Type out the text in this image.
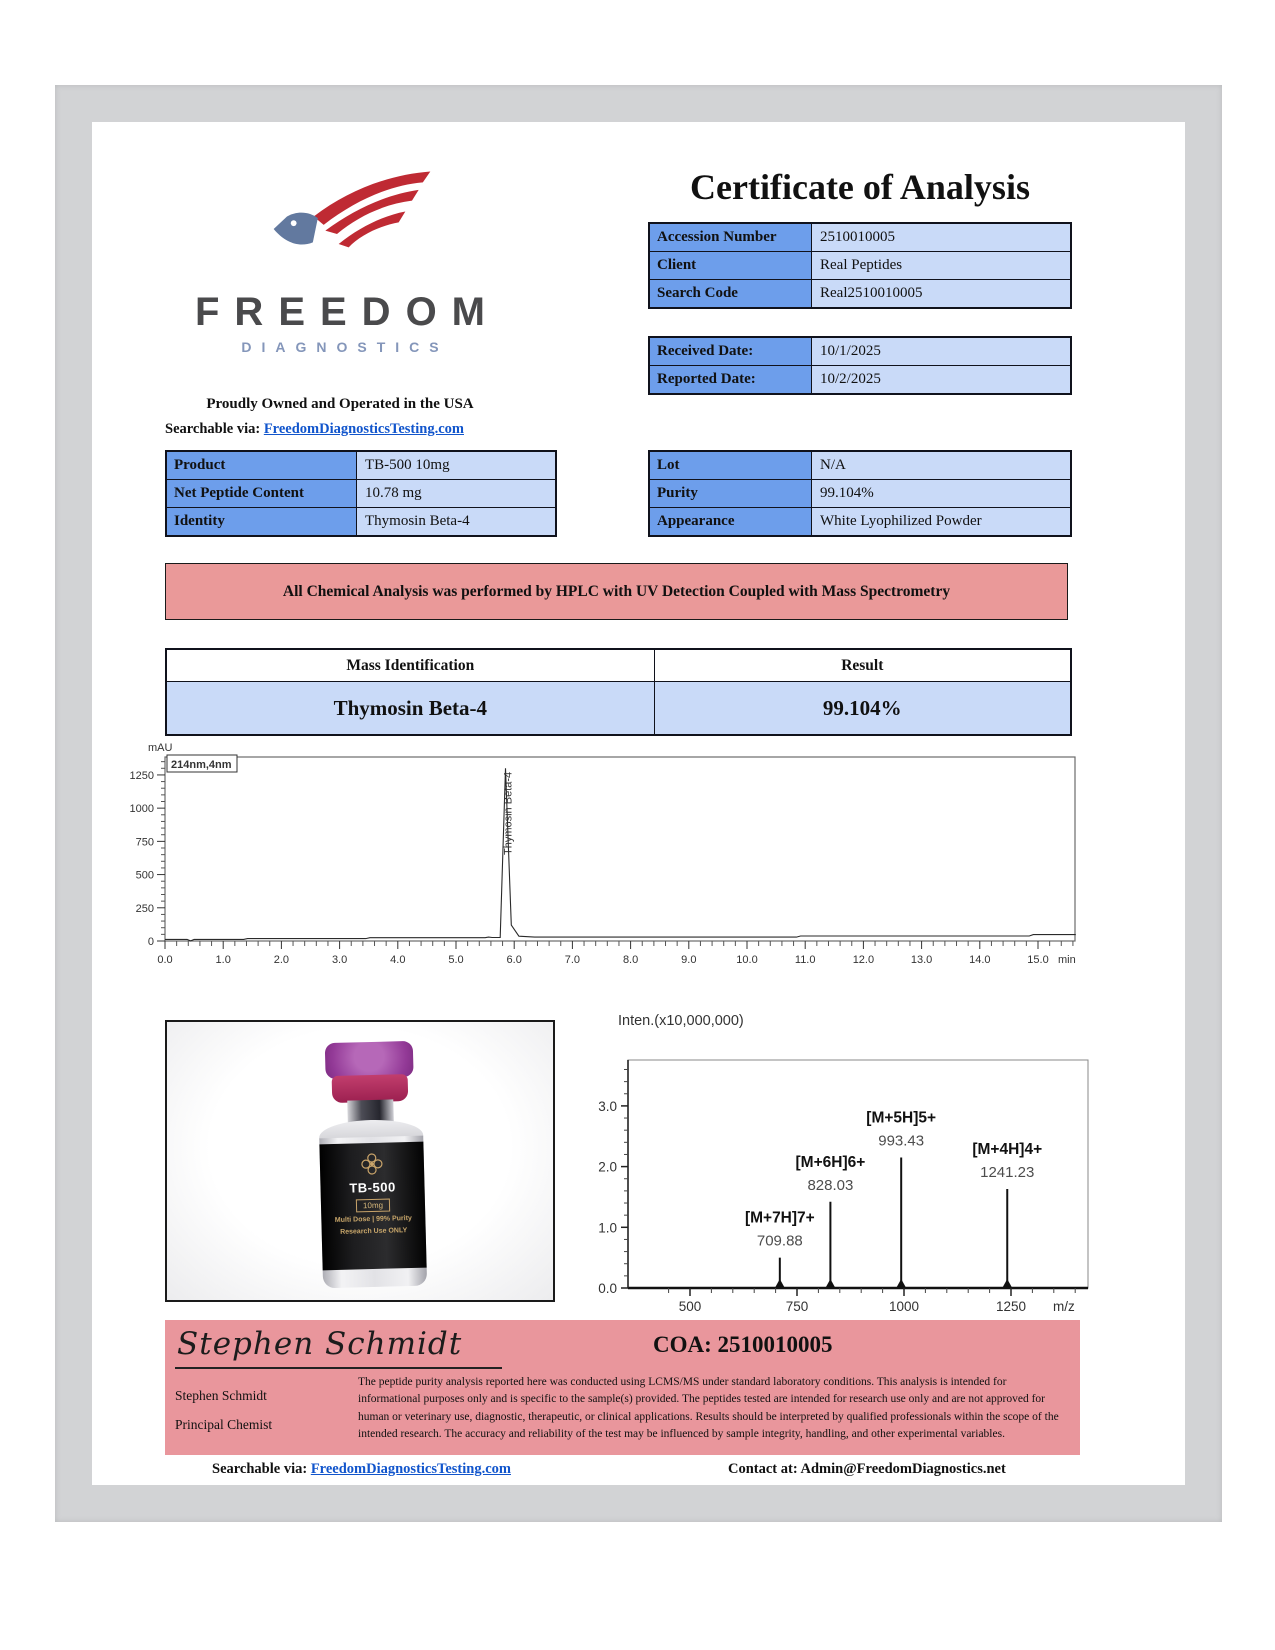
FREEDOM
DIAGNOSTICS
Proudly Owned and Operated in the USA
Searchable via: FreedomDiagnosticsTesting.com
Certificate of Analysis
Accession Number	2510010005
Client	Real Peptides
Search Code	Real2510010005
Received Date:	10/1/2025
Reported Date:	10/2/2025
Product	TB-500 10mg
Net Peptide Content	10.78 mg
Identity	Thymosin Beta-4
Lot	N/A
Purity	99.104%
Appearance	White Lyophilized Powder
All Chemical Analysis was performed by HPLC with UV Detection Coupled with Mass Spectrometry
Mass Identification	Result
Thymosin Beta-4	99.104%
0
250
500
750
1000
1250
0.0	1.0	2.0	3.0	4.0	5.0	6.0	7.0	8.0	9.0	10.0	11.0	12.0	13.0	14.0	15.0 min
mAU
214nm,4nm
Thymosin Beta-4
TB-500
10mg
Multi Dose | 99% Purity
Research Use ONLY
Inten.(x10,000,000)
0.0
1.0
2.0
3.0
500	750	1000	1250 m/z
709.88
[M+7H]7+
828.03
[M+6H]6+
993.43
[M+5H]5+
1241.23
[M+4H]4+
Stephen Schmidt	COA: 2510010005
Stephen Schmidt
Principal Chemist
The peptide purity analysis reported here was conducted using LCMS/MS under standard laboratory conditions. This analysis is intended for informational purposes only and is specific to the sample(s) provided. The peptides tested are intended for research use only and are not approved for human or veterinary use, diagnostic, therapeutic, or clinical applications. Results should be interpreted by qualified professionals within the scope of the intended research. The accuracy and reliability of the test may be influenced by sample integrity, handling, and other experimental variables.
Searchable via: FreedomDiagnosticsTesting.com	Contact at: Admin@FreedomDiagnostics.net
